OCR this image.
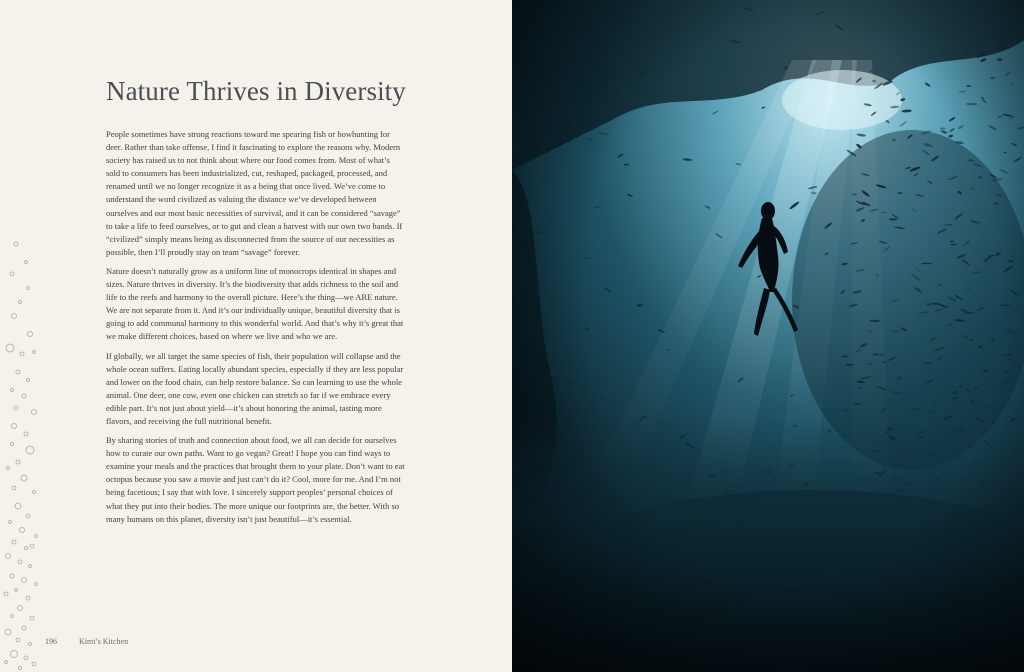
Nature Thrives in Diversity

People sometimes have strong reactions toward me spearing fish or bowhunting for deer. Rather than take offense, I find it fascinating to explore the reasons why. Modern society has raised us to not think about where our food comes from. Most of what’s sold to consumers has been industrialized, cut, reshaped, packaged, processed, and renamed until we no longer recognize it as a being that once lived. We’ve come to understand the word civilized as valuing the distance we’ve developed between ourselves and our most basic necessities of survival, and it can be considered “savage” to take a life to feed ourselves, or to gut and clean a harvest with our own two hands. If “civilized” simply means being as disconnected from the source of our necessities as possible, then I’ll proudly stay on team “savage” forever.

Nature doesn’t naturally grow as a uniform line of monocrops identical in shapes and sizes. Nature thrives in diversity. It’s the biodiversity that adds richness to the soil and life to the reefs and harmony to the overall picture. Here’s the thing—we ARE nature. We are not separate from it. And it’s our individually unique, beautiful diversity that is going to add communal harmony to this wonderful world. And that’s why it’s great that we make different choices, based on where we live and who we are.

If globally, we all target the same species of fish, their population will collapse and the whole ocean suffers. Eating locally abundant species, especially if they are less popular and lower on the food chain, can help restore balance. So can learning to use the whole animal. One deer, one cow, even one chicken can stretch so far if we embrace every edible part. It’s not just about yield—it’s about honoring the animal, tasting more flavors, and receiving the full nutritional benefit.

By sharing stories of truth and connection about food, we all can decide for ourselves how to curate our own paths. Want to go vegan? Great! I hope you can find ways to examine your meals and the practices that brought them to your plate. Don’t want to eat octopus because you saw a movie and just can’t do it? Cool, more for me. And I’m not being facetious; I say that with love. I sincerely support peoples’ personal choices of what they put into their bodies. The more unique our footprints are, the better. With so many humans on this planet, diversity isn’t just beautiful—it’s essential.

196	Kimi’s Kitchen
